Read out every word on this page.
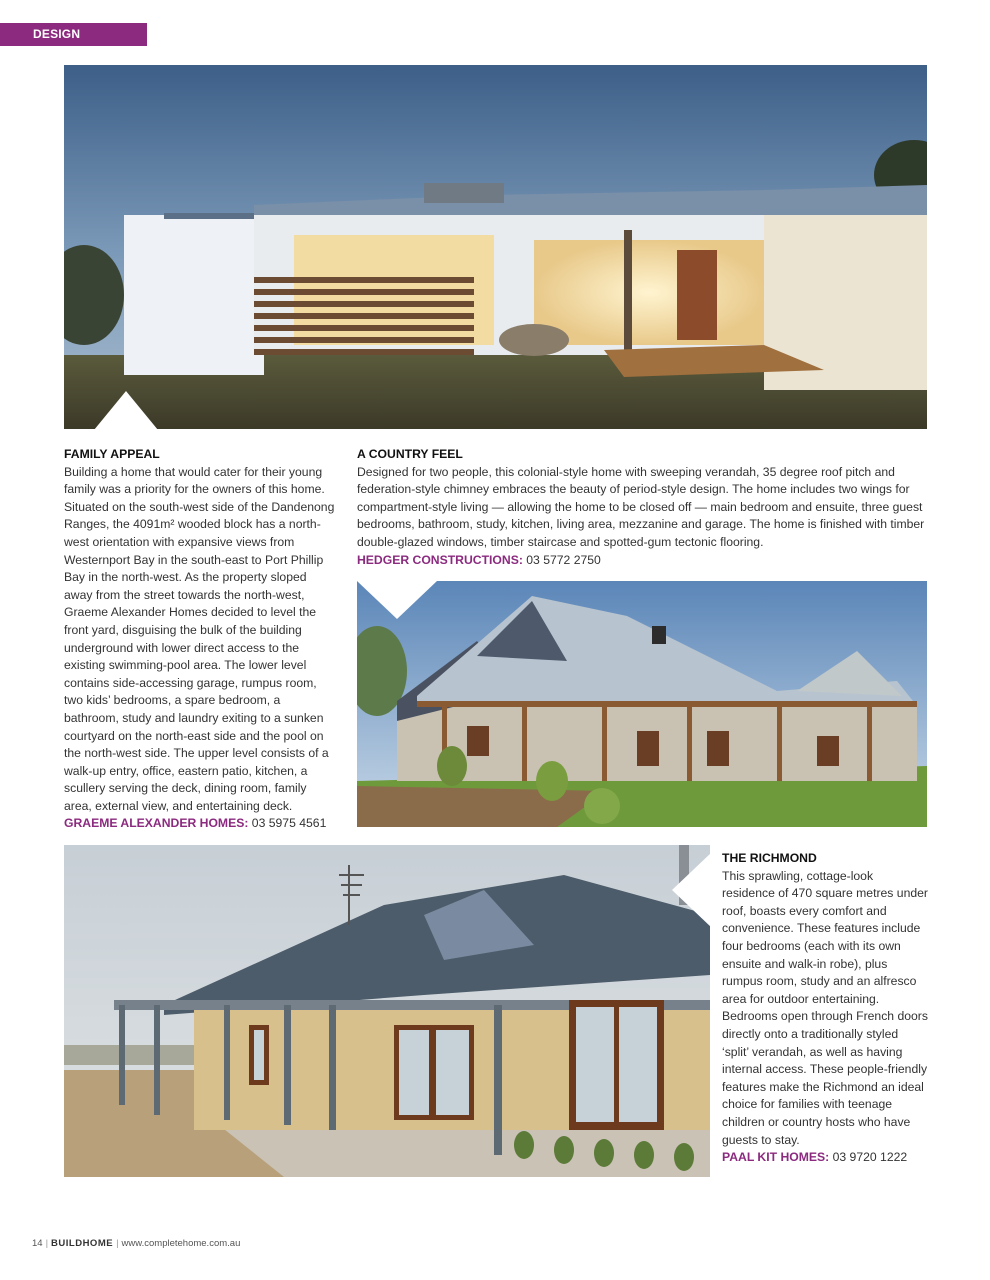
DESIGN SHOWCASE
FAMILY APPEAL

Building a home that would cater for their young family was a priority for the owners of this home. Situated on the south-west side of the Dandenong Ranges, the 4091m² wooded block has a north-west orientation with expansive views from Westernport Bay in the south-east to Port Phillip Bay in the north-west. As the property sloped away from the street towards the north-west, Graeme Alexander Homes decided to level the front yard, disguising the bulk of the building underground with lower direct access to the existing swimming-pool area. The lower level contains side-accessing garage, rumpus room, two kids’ bedrooms, a spare bedroom, a bathroom, study and laundry exiting to a sunken courtyard on the north-east side and the pool on the north-west side. The upper level consists of a walk-up entry, office, eastern patio, kitchen, a scullery serving the deck, dining room, family area, external view, and entertaining deck.

GRAEME ALEXANDER HOMES: 03 5975 4561

A COUNTRY FEEL

Designed for two people, this colonial-style home with sweeping verandah, 35 degree roof pitch and federation-style chimney embraces the beauty of period-style design. The home includes two wings for compartment-style living — allowing the home to be closed off — main bedroom and ensuite, three guest bedrooms, bathroom, study, kitchen, living area, mezzanine and garage. The home is finished with timber double-glazed windows, timber staircase and spotted-gum tectonic flooring.

HEDGER CONSTRUCTIONS: 03 5772 2750

THE RICHMOND

This sprawling, cottage-look residence of 470 square metres under roof, boasts every comfort and convenience. These features include four bedrooms (each with its own ensuite and walk-in robe), plus rumpus room, study and an alfresco area for outdoor entertaining. Bedrooms open through French doors directly onto a traditionally styled ‘split’ verandah, as well as having internal access. These people-friendly features make the Richmond an ideal choice for families with teenage children or country hosts who have guests to stay.

PAAL KIT HOMES: 03 9720 1222

14 | BUILDHOME | www.completehome.com.au
